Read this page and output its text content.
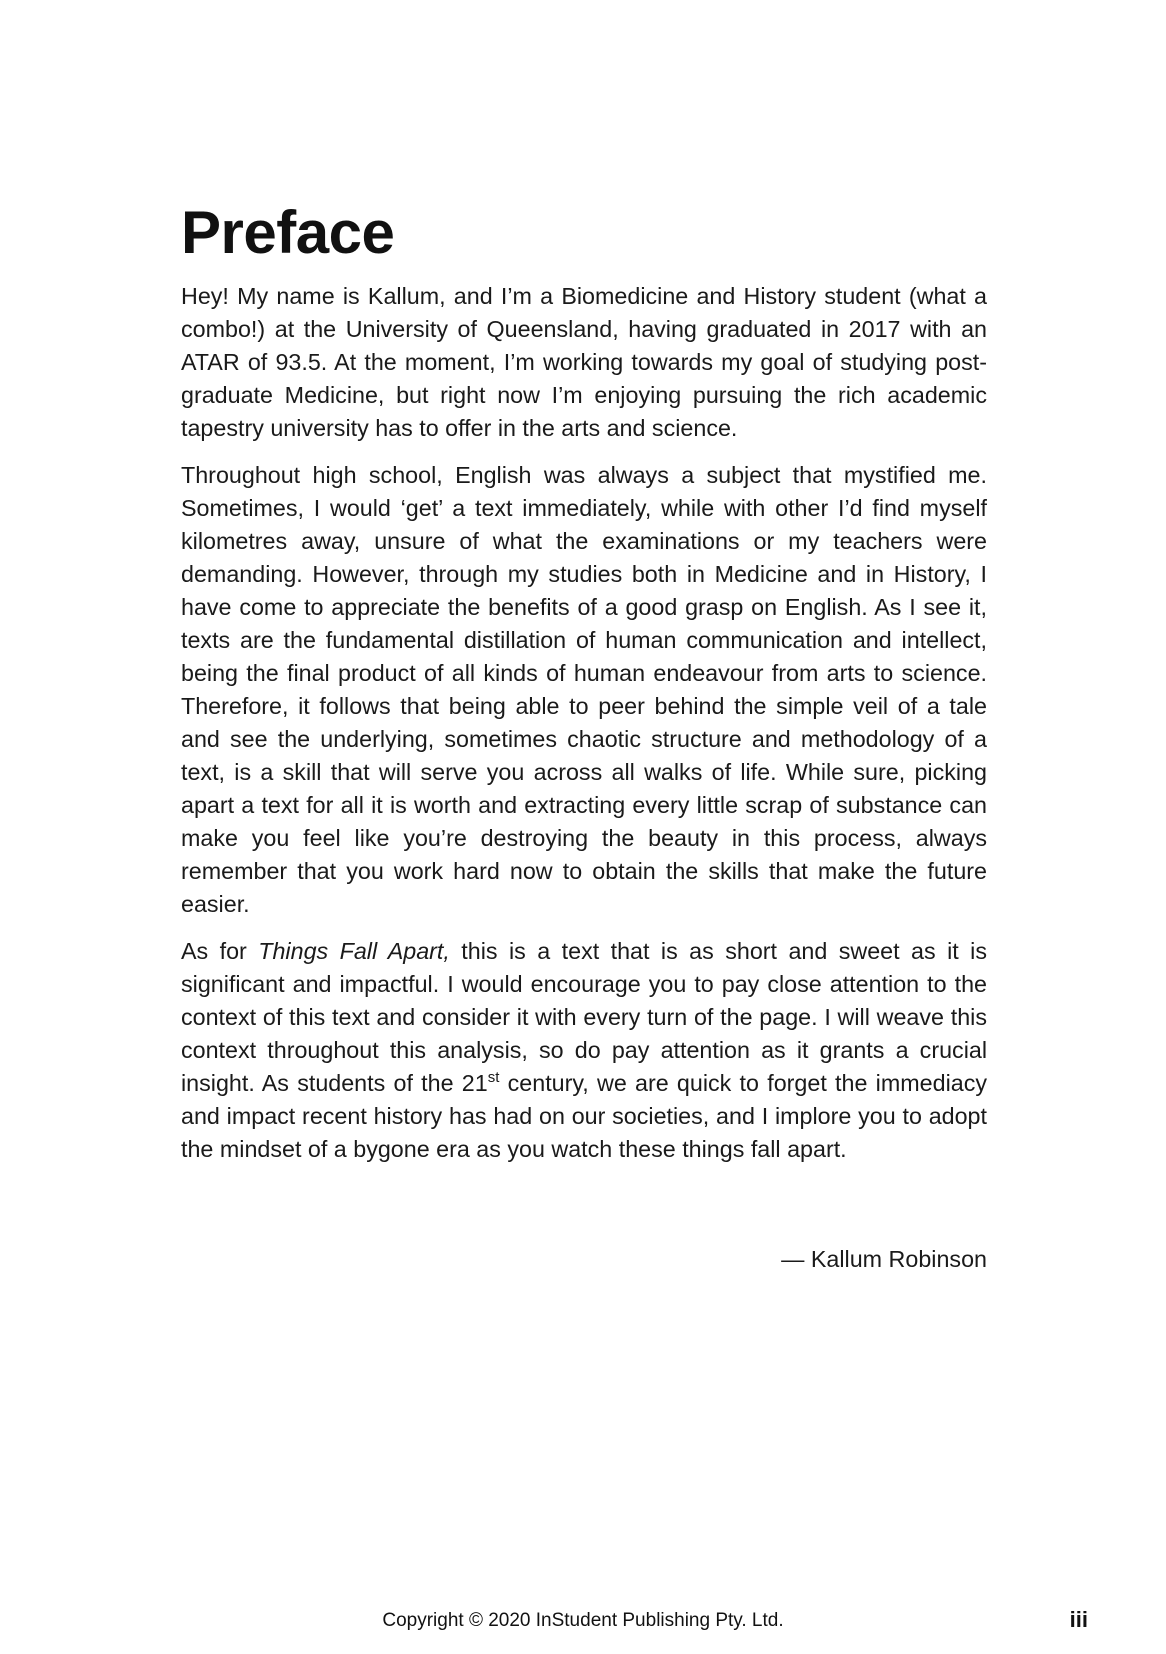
Preface

Hey! My name is Kallum, and I’m a Biomedicine and History student (what a combo!) at the University of Queensland, having graduated in 2017 with an ATAR of 93.5. At the moment, I’m working towards my goal of studying post-graduate Medicine, but right now I’m enjoying pursuing the rich academic tapestry university has to offer in the arts and science.

Throughout high school, English was always a subject that mystified me. Sometimes, I would ‘get’ a text immediately, while with other I’d find myself kilometres away, unsure of what the examinations or my teachers were demanding. However, through my studies both in Medicine and in History, I have come to appreciate the benefits of a good grasp on English. As I see it, texts are the fundamental distillation of human communication and intellect, being the final product of all kinds of human endeavour from arts to science. Therefore, it follows that being able to peer behind the simple veil of a tale and see the underlying, sometimes chaotic structure and methodology of a text, is a skill that will serve you across all walks of life. While sure, picking apart a text for all it is worth and extracting every little scrap of substance can make you feel like you’re destroying the beauty in this process, always remember that you work hard now to obtain the skills that make the future easier.

As for Things Fall Apart, this is a text that is as short and sweet as it is significant and impactful. I would encourage you to pay close attention to the context of this text and consider it with every turn of the page. I will weave this context throughout this analysis, so do pay attention as it grants a crucial insight. As students of the 21st century, we are quick to forget the immediacy and impact recent history has had on our societies, and I implore you to adopt the mindset of a bygone era as you watch these things fall apart.

— Kallum Robinson
Copyright © 2020 InStudent Publishing Pty. Ltd.	iii
